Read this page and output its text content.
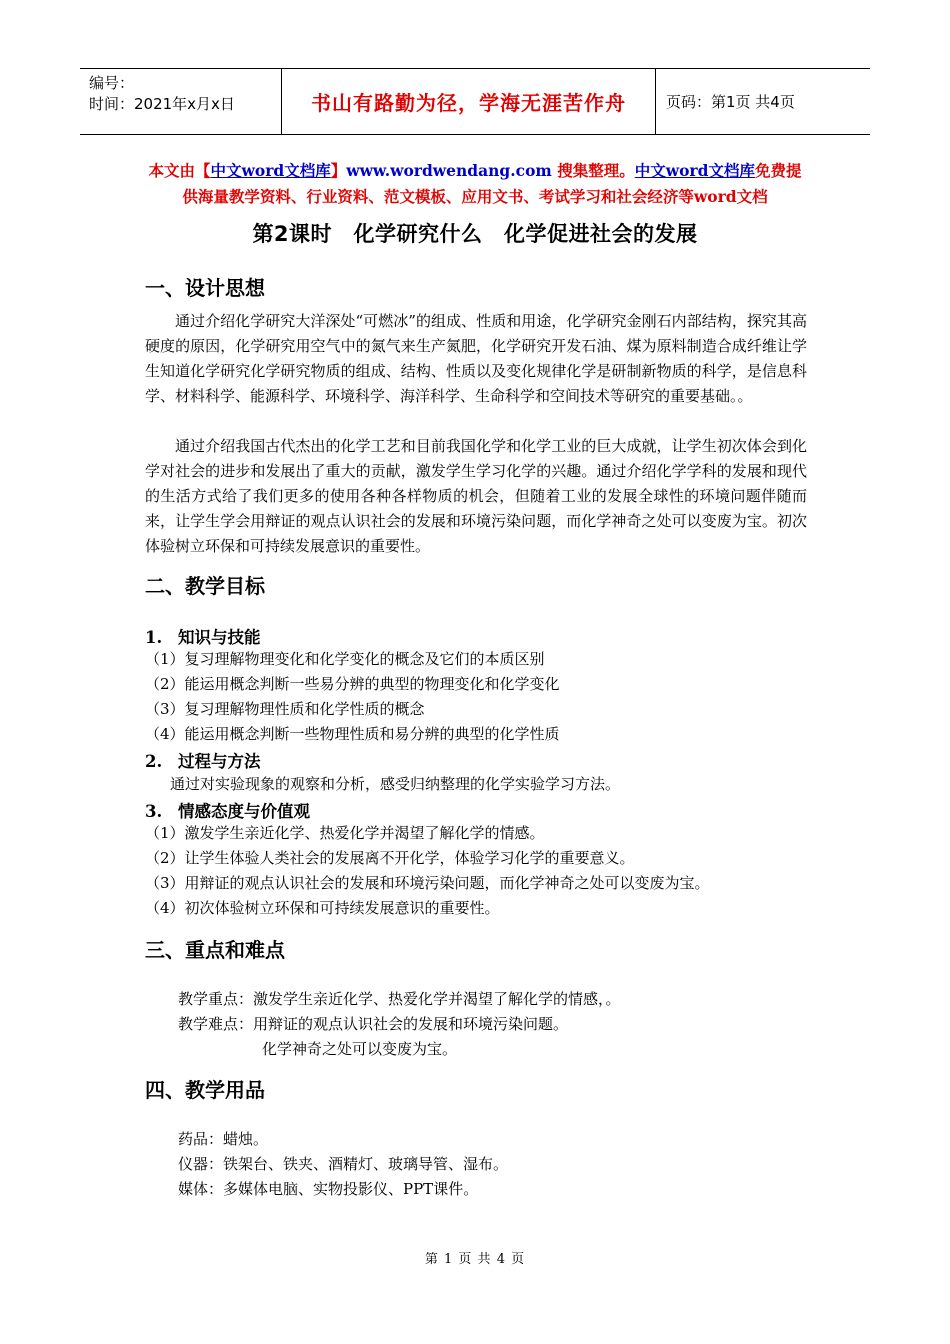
编号：
时间：2021年x月x日	书山有路勤为径，学海无涯苦作舟	页码：第1页 共4页
本文由【中文word文档库】www.wordwendang.com 搜集整理。中文word文档库免费提
供海量教学资料、行业资料、范文模板、应用文书、考试学习和社会经济等word文档
第2课时　化学研究什么　化学促进社会的发展
一、设计思想

通过介绍化学研究大洋深处“可燃冰”的组成、性质和用途，化学研究金刚石内部结构，探究其高硬度的原因，化学研究用空气中的氮气来生产氮肥，化学研究开发石油、煤为原料制造合成纤维让学生知道化学研究化学研究物质的组成、结构、性质以及变化规律化学是研制新物质的科学，是信息科学、材料科学、能源科学、环境科学、海洋科学、生命科学和空间技术等研究的重要基础。。

通过介绍我国古代杰出的化学工艺和目前我国化学和化学工业的巨大成就，让学生初次体会到化学对社会的进步和发展出了重大的贡献，激发学生学习化学的兴趣。通过介绍化学学科的发展和现代的生活方式给了我们更多的使用各种各样物质的机会，但随着工业的发展全球性的环境问题伴随而来，让学生学会用辩证的观点认识社会的发展和环境污染问题，而化学神奇之处可以变废为宝。初次体验树立环保和可持续发展意识的重要性。

二、教学目标
1. 知识与技能
（1）复习理解物理变化和化学变化的概念及它们的本质区别
（2）能运用概念判断一些易分辨的典型的物理变化和化学变化
（3）复习理解物理性质和化学性质的概念
（4）能运用概念判断一些物理性质和易分辨的典型的化学性质
2. 过程与方法
通过对实验现象的观察和分析，感受归纳整理的化学实验学习方法。
3. 情感态度与价值观
（1）激发学生亲近化学、热爱化学并渴望了解化学的情感。
（2）让学生体验人类社会的发展离不开化学，体验学习化学的重要意义。
（3）用辩证的观点认识社会的发展和环境污染问题，而化学神奇之处可以变废为宝。
（4）初次体验树立环保和可持续发展意识的重要性。
三、重点和难点
教学重点：激发学生亲近化学、热爱化学并渴望了解化学的情感，。
教学难点：用辩证的观点认识社会的发展和环境污染问题。
化学神奇之处可以变废为宝。
四、教学用品
药品：蜡烛。
仪器：铁架台、铁夹、酒精灯、玻璃导管、湿布。
媒体：多媒体电脑、实物投影仪、PPT课件。
第 1 页 共 4 页
